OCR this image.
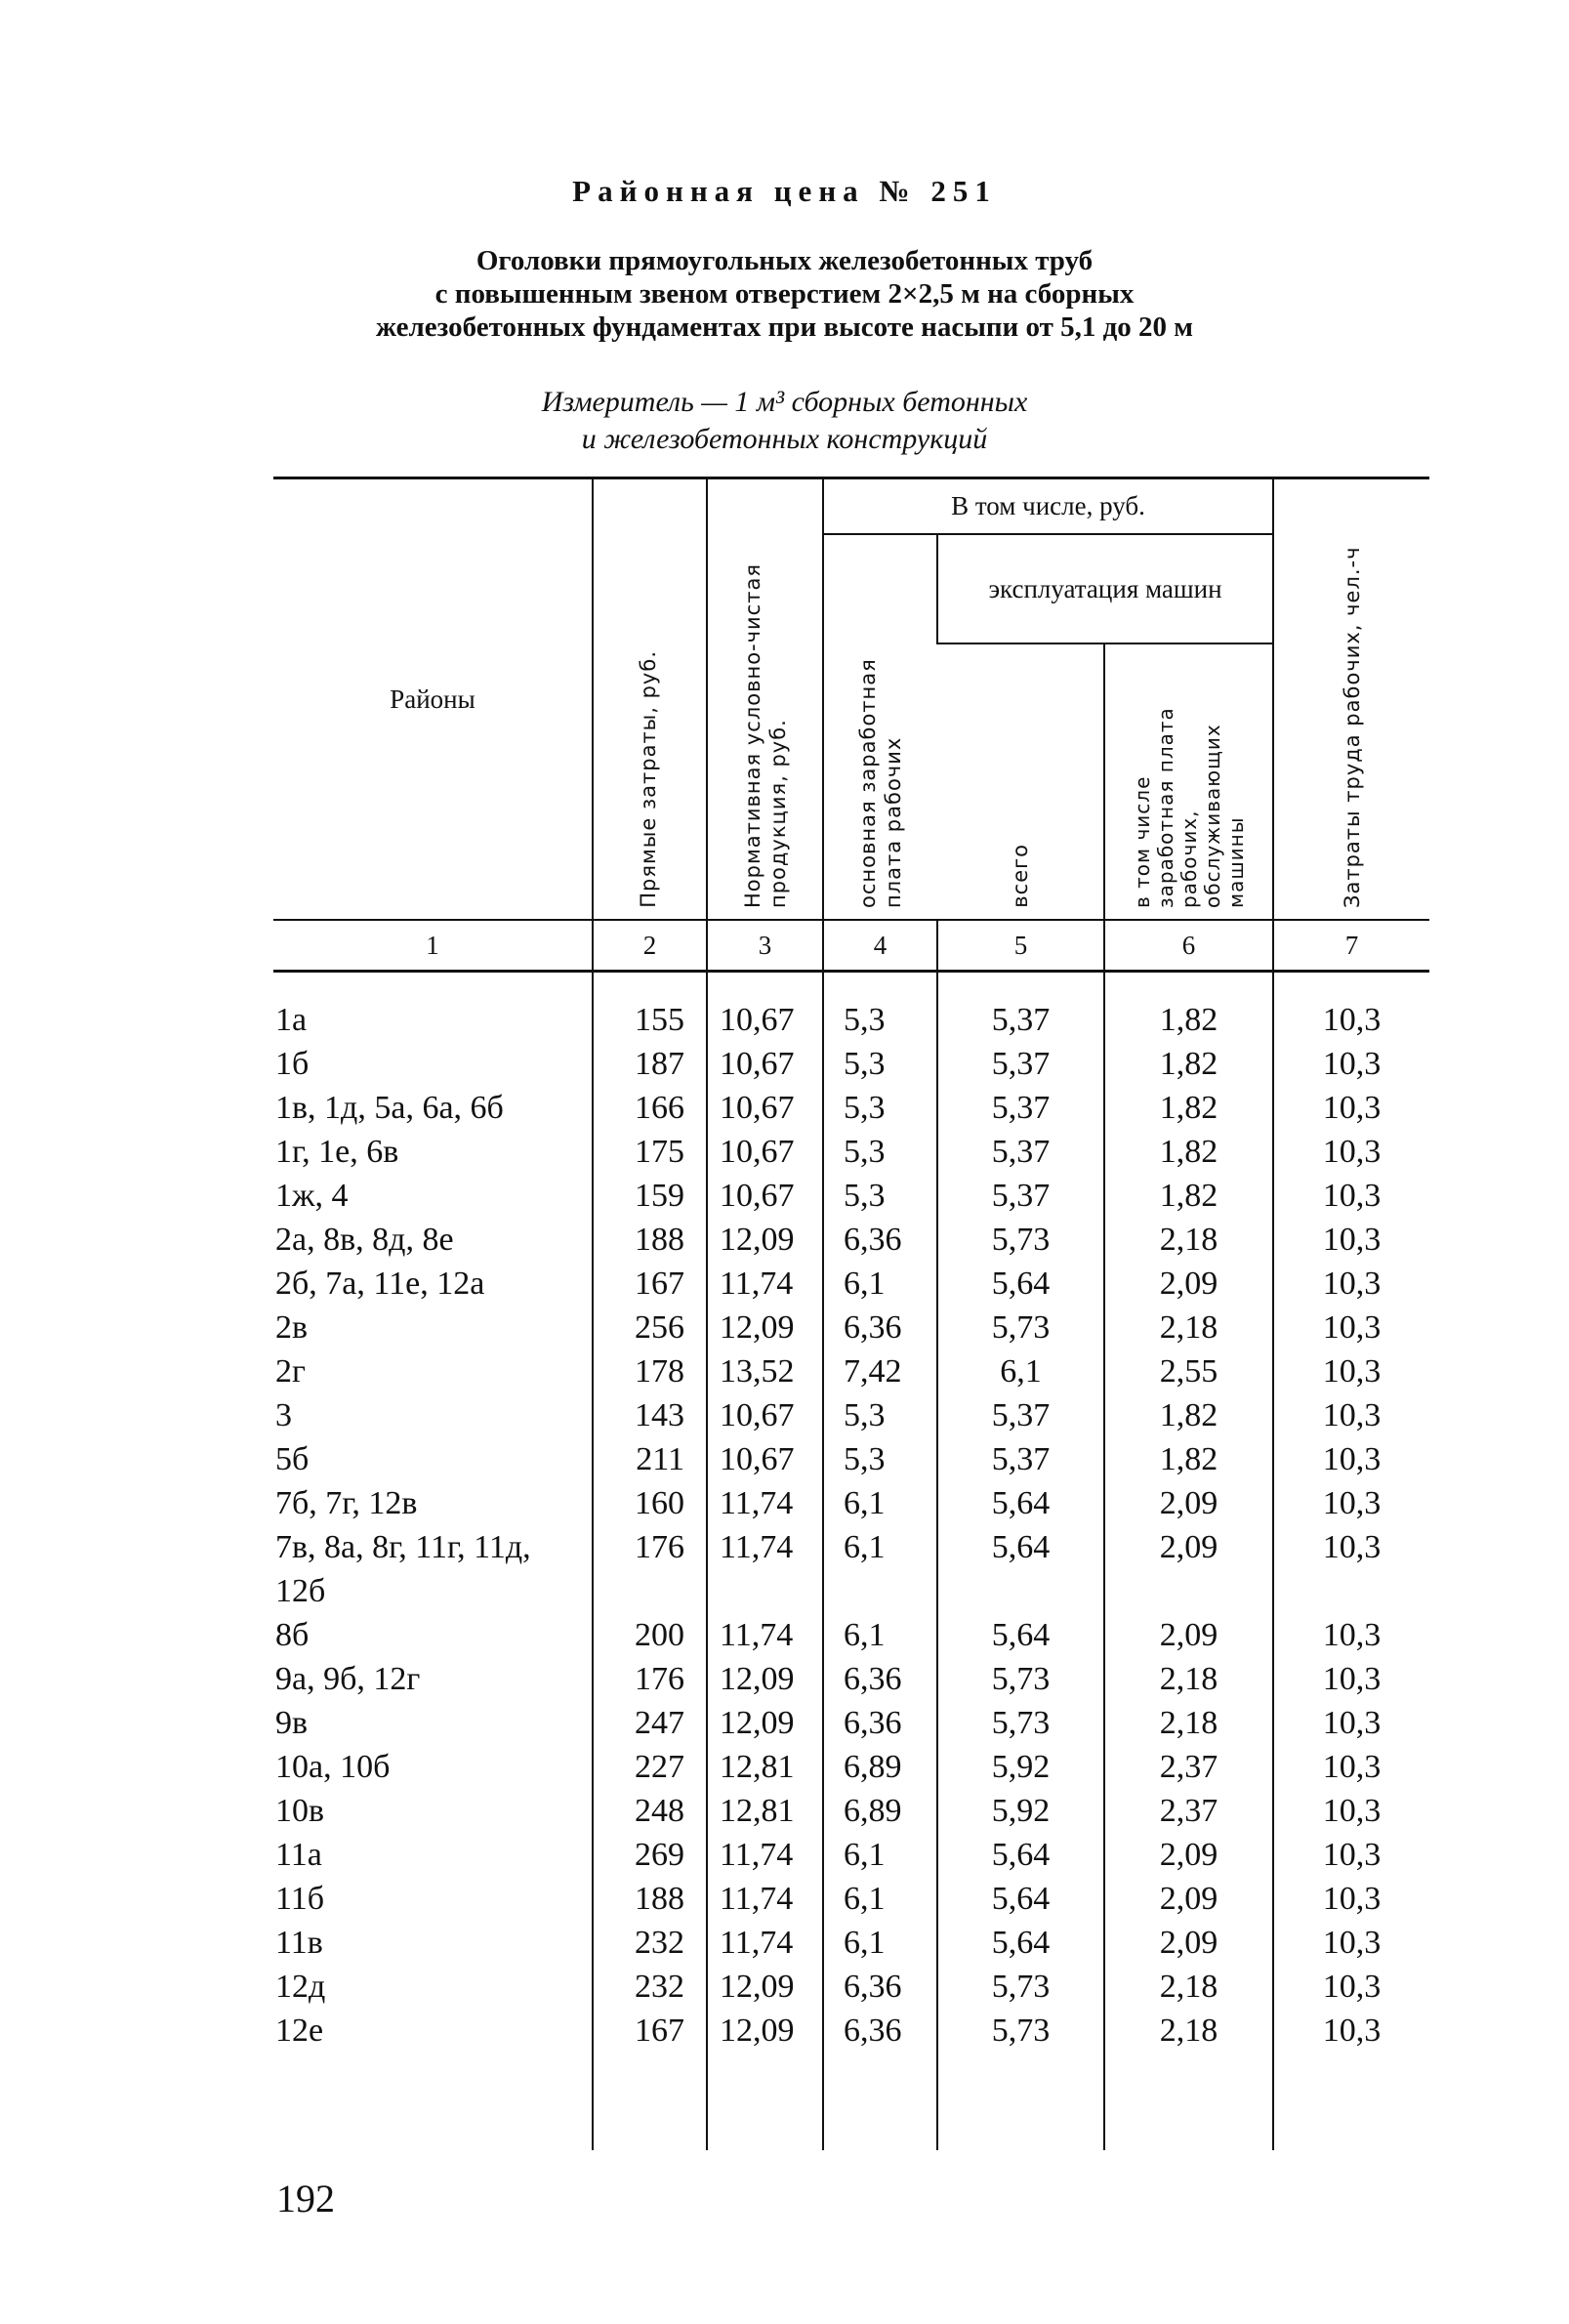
Районная цена № 251
Оголовки прямоугольных железобетонных труб
с повышенным звеном отверстием 2×2,5 м на сборных
железобетонных фундаментах при высоте насыпи от 5,1 до 20 м
Измеритель — 1 м³ сборных бетонных
и железобетонных конструкций
Районы	Прямые затраты, руб.	Нормативная условно-чистая продукция, руб.	В том числе, руб.			Затраты труда рабочих, чел.-ч
			основная заработная плата рабочих	эксплуатация машин		
				всего	в том числе заработная плата рабочих, обслуживающих машины	
1	2	3	4	5	6	7
1а	155	10,67	5,3	5,37	1,82	10,3
1б	187	10,67	5,3	5,37	1,82	10,3
1в, 1д, 5а, 6а, 6б	166	10,67	5,3	5,37	1,82	10,3
1г, 1е, 6в	175	10,67	5,3	5,37	1,82	10,3
1ж, 4	159	10,67	5,3	5,37	1,82	10,3
2а, 8в, 8д, 8е	188	12,09	6,36	5,73	2,18	10,3
2б, 7а, 11е, 12а	167	11,74	6,1	5,64	2,09	10,3
2в	256	12,09	6,36	5,73	2,18	10,3
2г	178	13,52	7,42	6,1	2,55	10,3
3	143	10,67	5,3	5,37	1,82	10,3
5б	211	10,67	5,3	5,37	1,82	10,3
7б, 7г, 12в	160	11,74	6,1	5,64	2,09	10,3
7в, 8а, 8г, 11г, 11д, 12б	176	11,74	6,1	5,64	2,09	10,3
8б	200	11,74	6,1	5,64	2,09	10,3
9а, 9б, 12г	176	12,09	6,36	5,73	2,18	10,3
9в	247	12,09	6,36	5,73	2,18	10,3
10а, 10б	227	12,81	6,89	5,92	2,37	10,3
10в	248	12,81	6,89	5,92	2,37	10,3
11а	269	11,74	6,1	5,64	2,09	10,3
11б	188	11,74	6,1	5,64	2,09	10,3
11в	232	11,74	6,1	5,64	2,09	10,3
12д	232	12,09	6,36	5,73	2,18	10,3
12е	167	12,09	6,36	5,73	2,18	10,3
192
